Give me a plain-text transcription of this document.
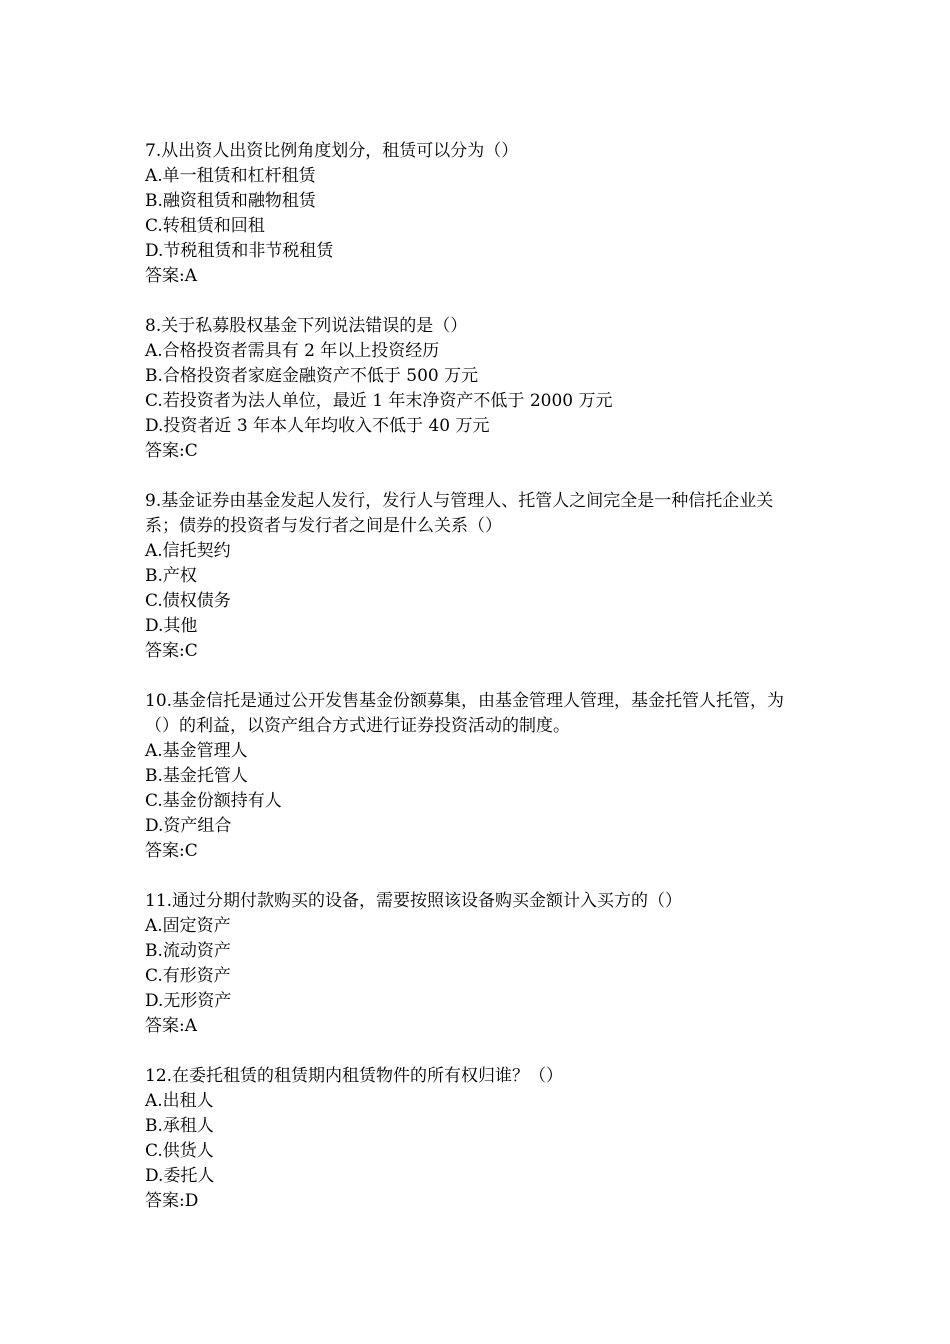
7.从出资人出资比例角度划分，租赁可以分为（）
A.单一租赁和杠杆租赁
B.融资租赁和融物租赁
C.转租赁和回租
D.节税租赁和非节税租赁
答案:A
8.关于私募股权基金下列说法错误的是（）
A.合格投资者需具有 2 年以上投资经历
B.合格投资者家庭金融资产不低于 500 万元
C.若投资者为法人单位，最近 1 年末净资产不低于 2000 万元
D.投资者近 3 年本人年均收入不低于 40 万元
答案:C
9.基金证券由基金发起人发行，发行人与管理人、托管人之间完全是一种信托企业关系；债券的投资者与发行者之间是什么关系（）
A.信托契约
B.产权
C.债权债务
D.其他
答案:C
10.基金信托是通过公开发售基金份额募集，由基金管理人管理，基金托管人托管，为（）的利益，以资产组合方式进行证券投资活动的制度。
A.基金管理人
B.基金托管人
C.基金份额持有人
D.资产组合
答案:C
11.通过分期付款购买的设备，需要按照该设备购买金额计入买方的（）
A.固定资产
B.流动资产
C.有形资产
D.无形资产
答案:A
12.在委托租赁的租赁期内租赁物件的所有权归谁？（）
A.出租人
B.承租人
C.供货人
D.委托人
答案:D
